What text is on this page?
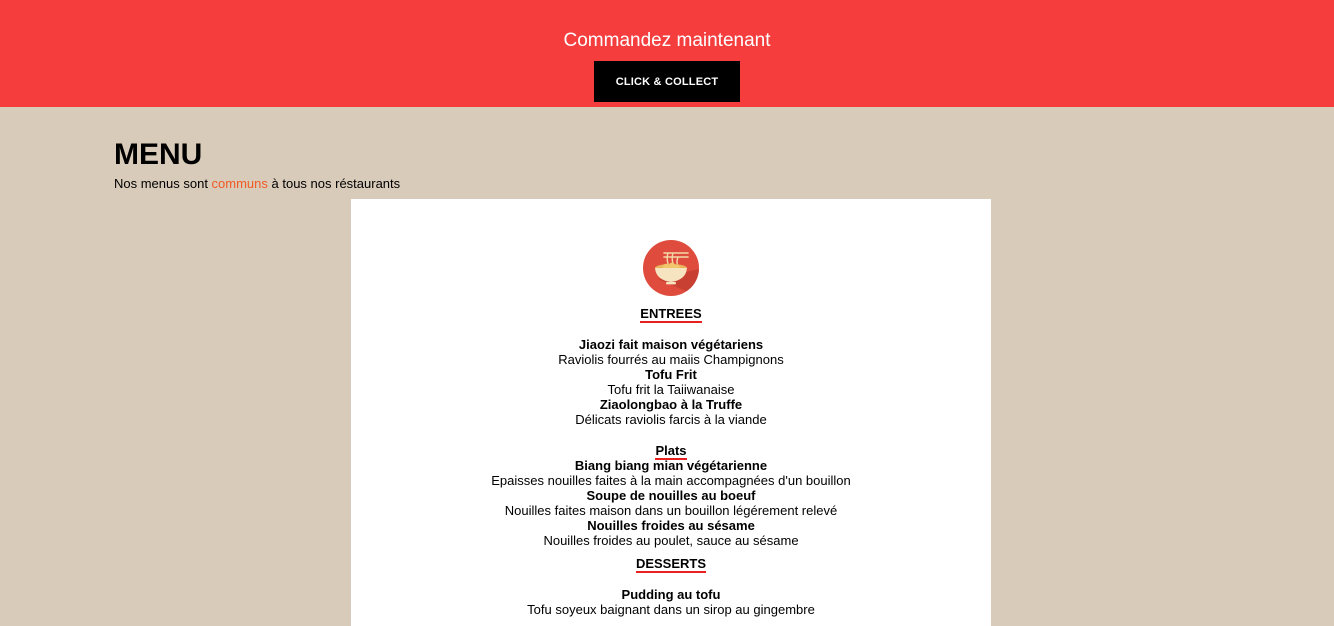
Commandez maintenant
CLICK & COLLECT
MENU
Nos menus sont communs à tous nos réstaurants
ENTREES
Jiaozi fait maison végétariens
Raviolis fourrés au maiis Champignons
Tofu Frit
Tofu frit la Taiiwanaise
Ziaolongbao à la Truffe
Délicats raviolis farcis à la viande
Plats
Biang biang mian végétarienne
Epaisses nouilles faites à la main accompagnées d'un bouillon
Soupe de nouilles au boeuf
Nouilles faites maison dans un bouillon légérement relevé
Nouilles froides au sésame
Nouilles froides au poulet, sauce au sésame
DESSERTS
Pudding au tofu
Tofu soyeux baignant dans un sirop au gingembre
